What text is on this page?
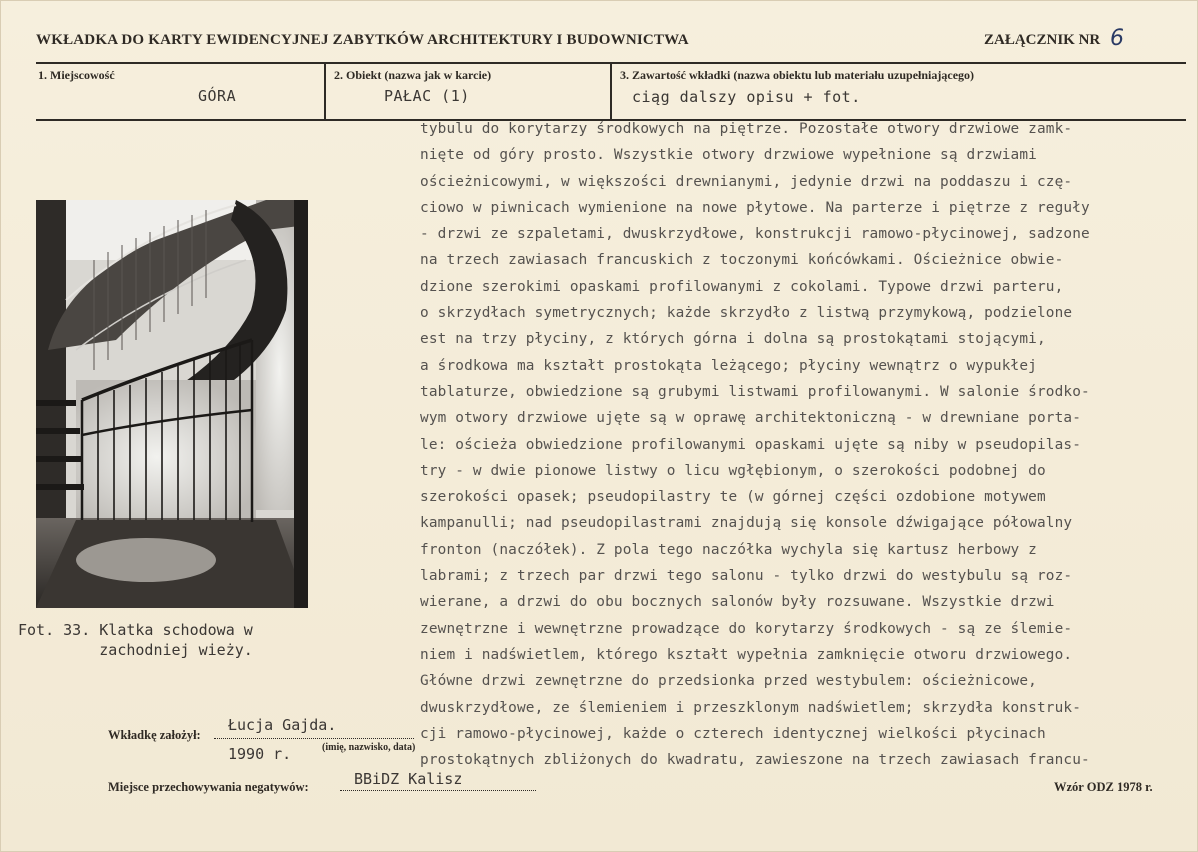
WKŁADKA DO KARTY EWIDENCYJNEJ ZABYTKÓW ARCHITEKTURY I BUDOWNICTWA	ZAŁĄCZNIK NR 6
1. Miejscowość
GÓRA
2. Obiekt (nazwa jak w karcie)
PAŁAC (1)
3. Zawartość wkładki (nazwa obiektu lub materiału uzupełniającego)
ciąg dalszy opisu + fot.
tybulu do korytarzy środkowych na piętrze. Pozostałe otwory drzwiowe zamk-
nięte od góry prosto. Wszystkie otwory drzwiowe wypełnione są drzwiami
ościeżnicowymi, w większości drewnianymi, jedynie drzwi na poddaszu i czę-
ciowo w piwnicach wymienione na nowe płytowe. Na parterze i piętrze z reguły
- drzwi ze szpaletami, dwuskrzydłowe, konstrukcji ramowo-płycinowej, sadzone
na trzech zawiasach francuskich z toczonymi końcówkami. Ościeżnice obwie-
dzione szerokimi opaskami profilowanymi z cokolami. Typowe drzwi parteru,
o skrzydłach symetrycznych; każde skrzydło z listwą przymykową, podzielone
est na trzy płyciny, z których górna i dolna są prostokątami stojącymi,
a środkowa ma kształt prostokąta leżącego; płyciny wewnątrz o wypukłej
tablaturze, obwiedzione są grubymi listwami profilowanymi. W salonie środko-
wym otwory drzwiowe ujęte są w oprawę architektoniczną - w drewniane porta-
le: ościeża obwiedzione profilowanymi opaskami ujęte są niby w pseudopilas-
try - w dwie pionowe listwy o licu wgłębionym, o szerokości podobnej do
szerokości opasek; pseudopilastry te (w górnej części ozdobione motywem
kampanulli; nad pseudopilastrami znajdują się konsole dźwigające półowalny
fronton (naczółek). Z pola tego naczółka wychyla się kartusz herbowy z
labrami; z trzech par drzwi tego salonu - tylko drzwi do westybulu są roz-
wierane, a drzwi do obu bocznych salonów były rozsuwane. Wszystkie drzwi
zewnętrzne i wewnętrzne prowadzące do korytarzy środkowych - są ze ślemie-
niem i nadświetlem, którego kształt wypełnia zamknięcie otworu drzwiowego.
Główne drzwi zewnętrzne do przedsionka przed westybulem: ościeżnicowe,
dwuskrzydłowe, ze ślemieniem i przeszklonym nadświetlem; skrzydła konstruk-
cji ramowo-płycinowej, każde o czterech identycznej wielkości płycinach
prostokątnych zbliżonych do kwadratu, zawieszone na trzech zawiasach francu-
Fot. 33. Klatka schodowa w
zachodniej wieży.
Wkładkę założył:
Łucja Gajda.
1990 r.	(imię, nazwisko, data)
Miejsce przechowywania negatywów:	BBiDZ Kalisz	Wzór ODZ 1978 r.
